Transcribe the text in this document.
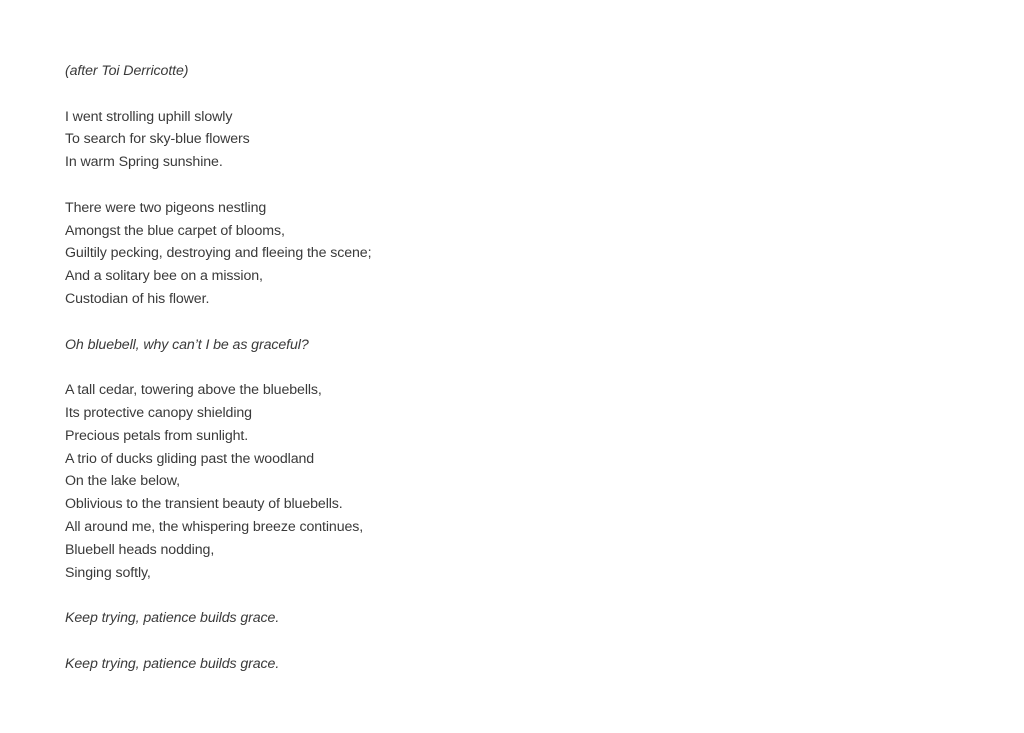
(after Toi Derricotte)
I went strolling uphill slowly
To search for sky-blue flowers
In warm Spring sunshine.
There were two pigeons nestling
Amongst the blue carpet of blooms,
Guiltily pecking, destroying and fleeing the scene;
And a solitary bee on a mission,
Custodian of his flower.
Oh bluebell, why can’t I be as graceful?
A tall cedar, towering above the bluebells,
Its protective canopy shielding
Precious petals from sunlight.
A trio of ducks gliding past the woodland
On the lake below,
Oblivious to the transient beauty of bluebells.
All around me, the whispering breeze continues,
Bluebell heads nodding,
Singing softly,
Keep trying, patience builds grace.
Keep trying, patience builds grace.
